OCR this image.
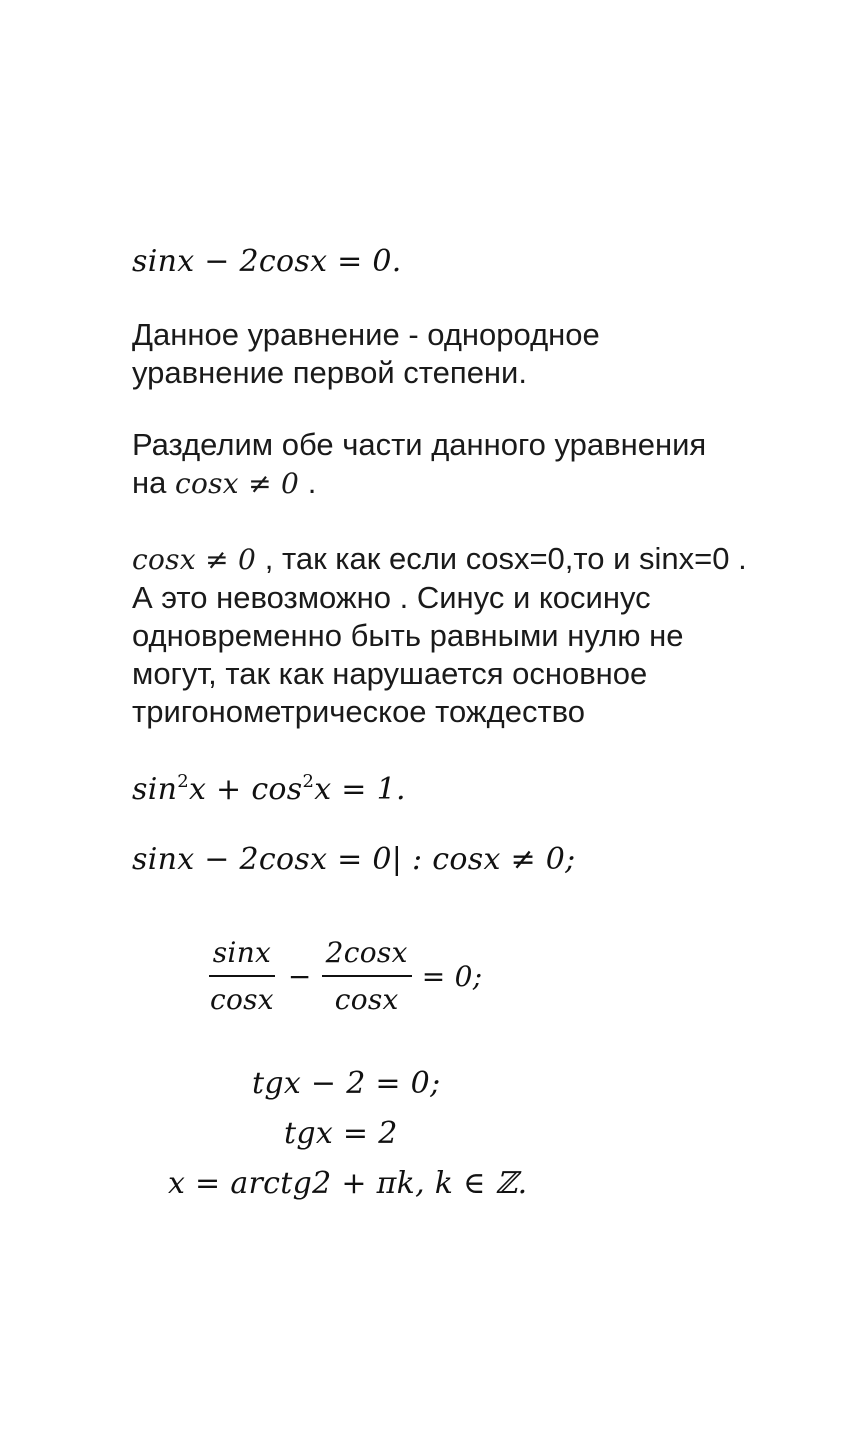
sinx − 2cosx = 0.
Данное уравнение - однородное
уравнение первой степени.
Разделим обе части данного уравнения
на cosx ≠ 0 .
cosx ≠ 0 , так как если cosx=0,то и sinx=0 .
А это невозможно . Синус и косинус
одновременно быть равными нулю не
могут, так как нарушается основное
тригонометрическое тождество
$\sin^2x + \cos^2x = 1$.
sinx − 2cosx = 0| : cosx ≠ 0;
$\frac{\sin x}{\cos x} - \frac{2\cos x}{\cos x} = 0$;
tgx − 2 = 0;
tgx = 2
x = arctg2 + πk, k ∈ ℤ.
